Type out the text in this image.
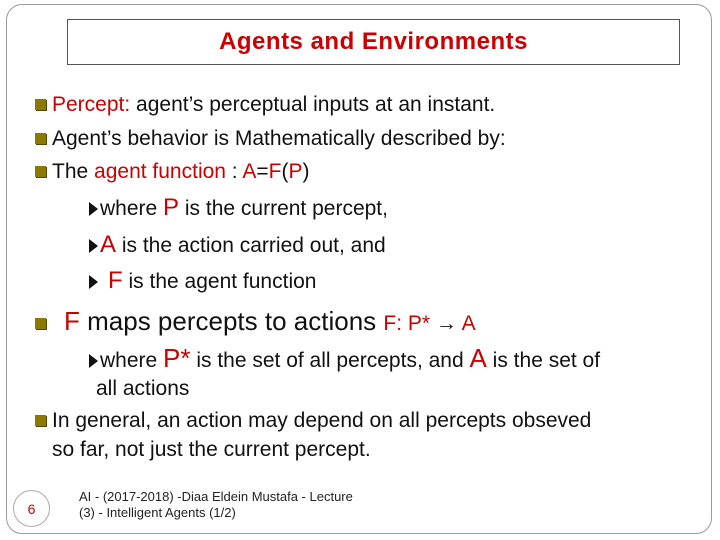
Agents and Environments
Percept: agent’s perceptual inputs at an instant.
Agent’s behavior is Mathematically described by:
The agent function : A=F(P)
where P is the current percept,
A is the action carried out, and
F is the agent function
F maps percepts to actions F: P* → A
where P* is the set of all percepts, and A is the set of
all actions
In general, an action may depend on all percepts obseved
so far, not just the current percept.
6
AI - (2017-2018) -Diaa Eldein Mustafa - Lecture
(3) - Intelligent Agents (1/2)
